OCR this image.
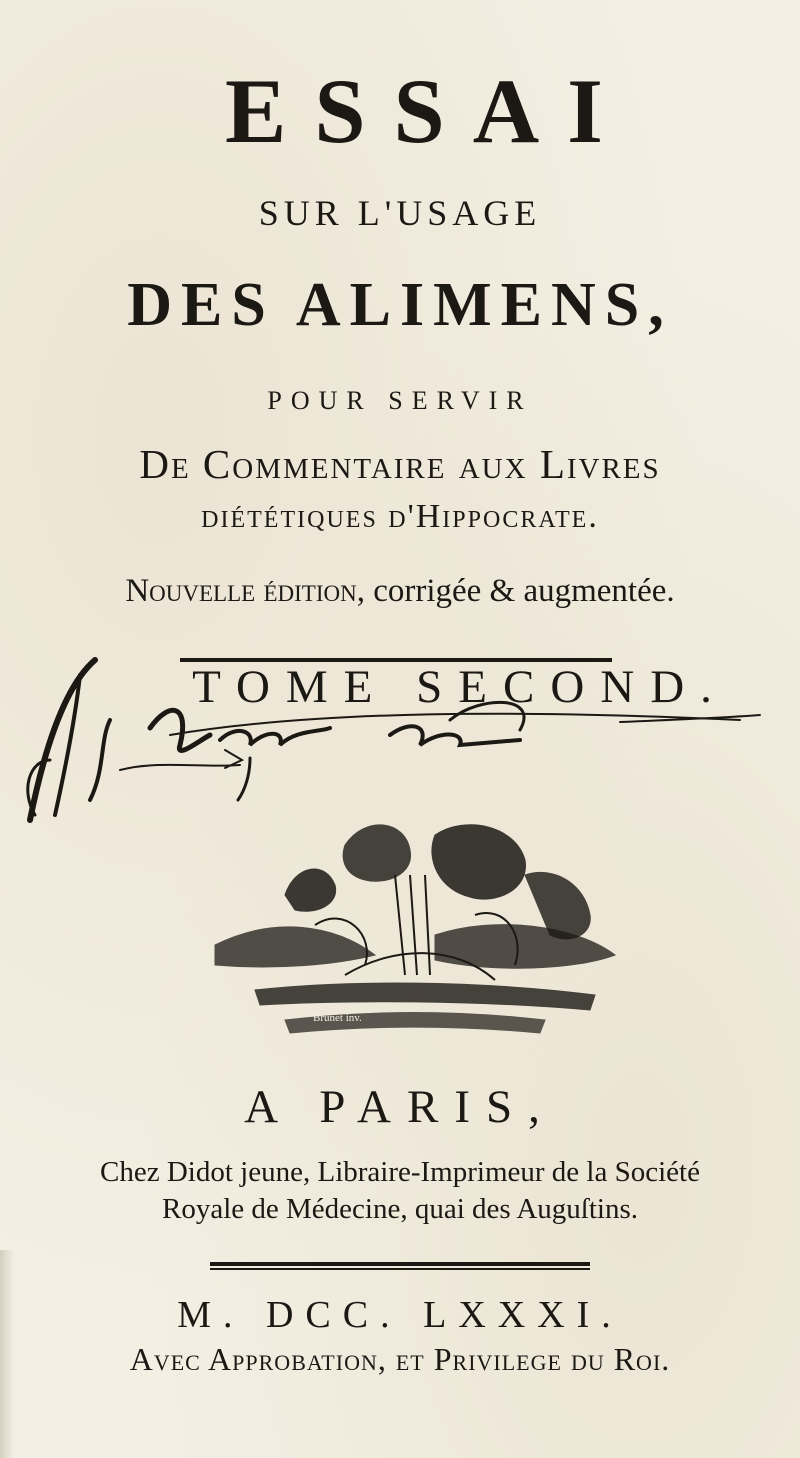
ESSAI
SUR L'USAGE
DES ALIMENS,
POUR SERVIR
De Commentaire aux Livres
diététiques d'Hippocrate.
Nouvelle édition, corrigée & augmentée.
TOME SECOND.
Brunet inv.
A PARIS,
Chez Didot jeune, Libraire-Imprimeur de la Société
Royale de Médecine, quai des Auguſtins.
M. DCC. LXXXI.
Avec Approbation, et Privilege du Roi.
